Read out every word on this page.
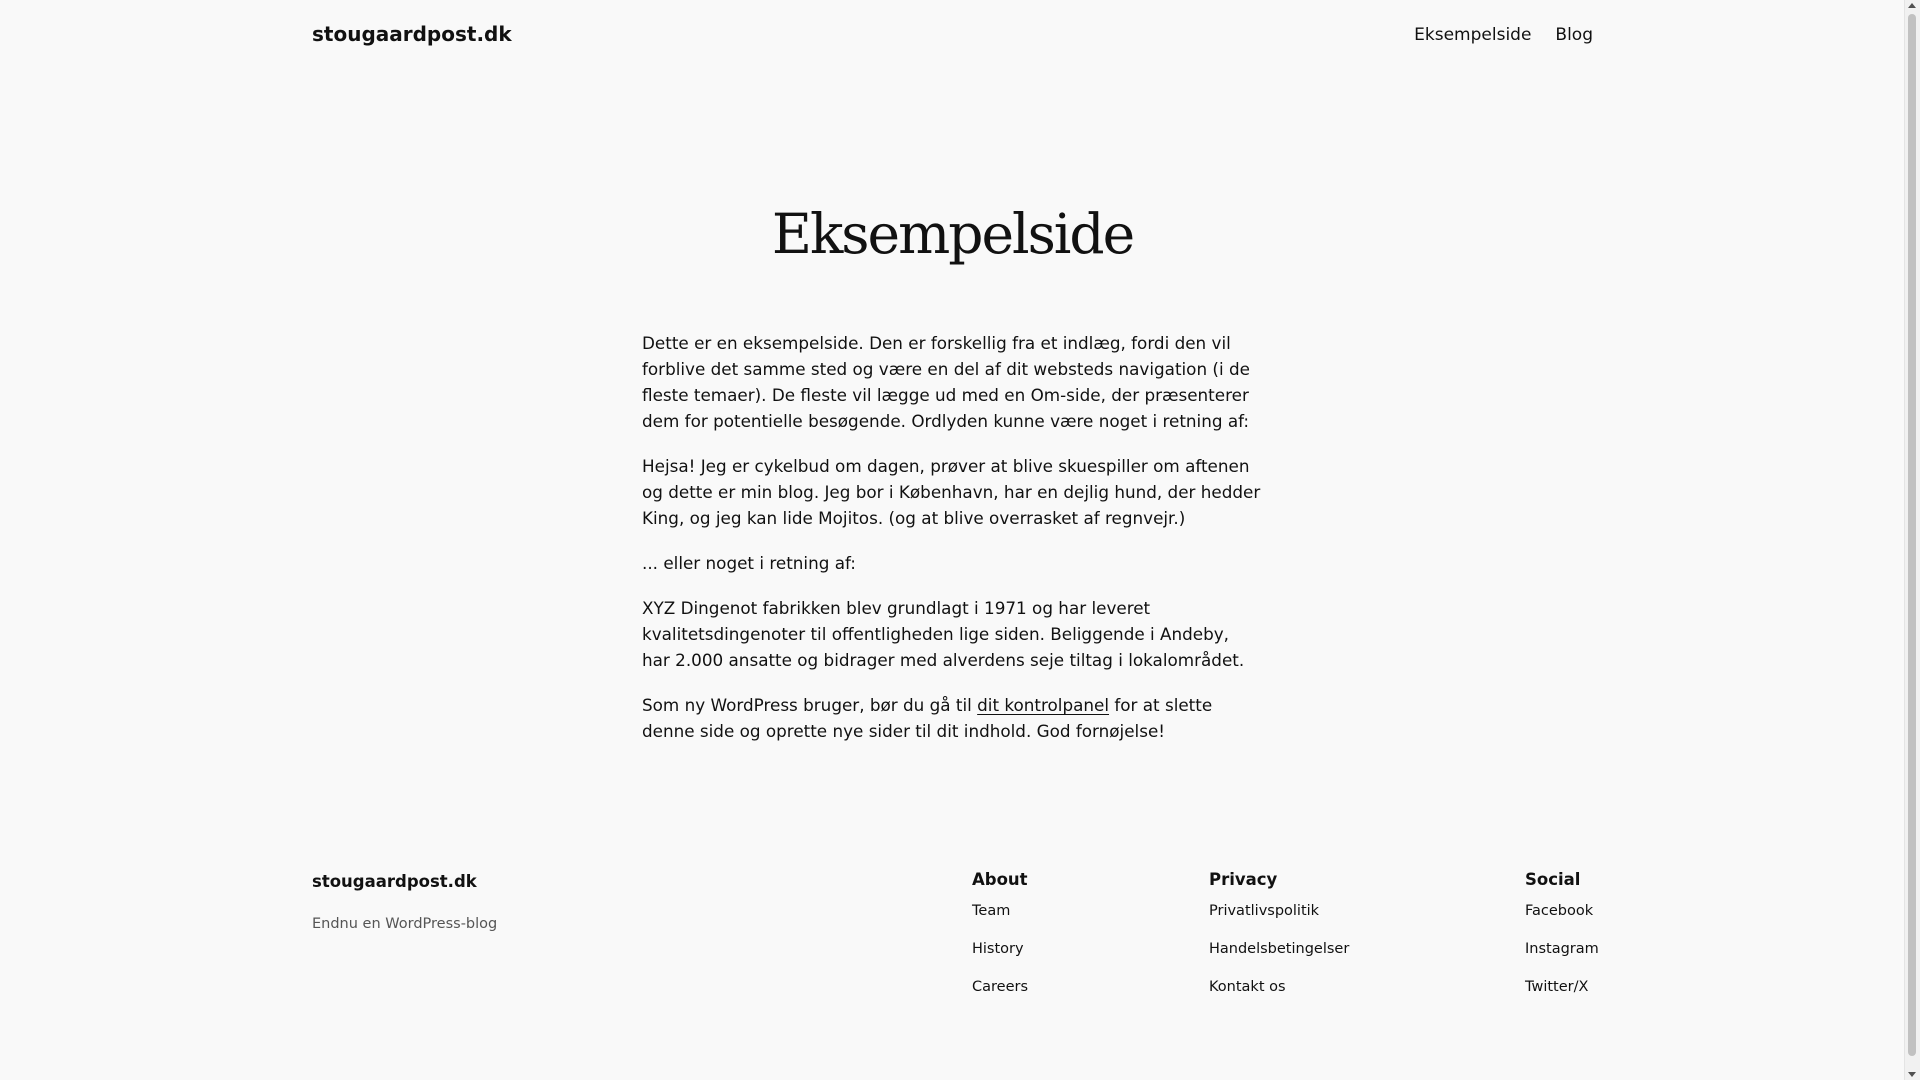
stougaardpost.dk	Eksempelside Blog
Eksempelside

Dette er en eksempelside. Den er forskellig fra et indlæg, fordi den vil forblive det samme sted og være en del af dit websteds navigation (i de fleste temaer). De fleste vil lægge ud med en Om-side, der præsenterer dem for potentielle besøgende. Ordlyden kunne være noget i retning af:

Hejsa! Jeg er cykelbud om dagen, prøver at blive skuespiller om aftenen og dette er min blog. Jeg bor i København, har en dejlig hund, der hedder King, og jeg kan lide Mojitos. (og at blive overrasket af regnvejr.)

... eller noget i retning af:

XYZ Dingenot fabrikken blev grundlagt i 1971 og har leveret kvalitetsdingenoter til offentligheden lige siden. Beliggende i Andeby, har 2.000 ansatte og bidrager med alverdens seje tiltag i lokalområdet.

Som ny WordPress bruger, bør du gå til dit kontrolpanel for at slette denne side og oprette nye sider til dit indhold. God fornøjelse!

stougaardpost.dk
Endnu en WordPress-blog
About
Team
History
Careers
Privacy
Privatlivspolitik
Handelsbetingelser
Kontakt os
Social
Facebook
Instagram
Twitter/X
